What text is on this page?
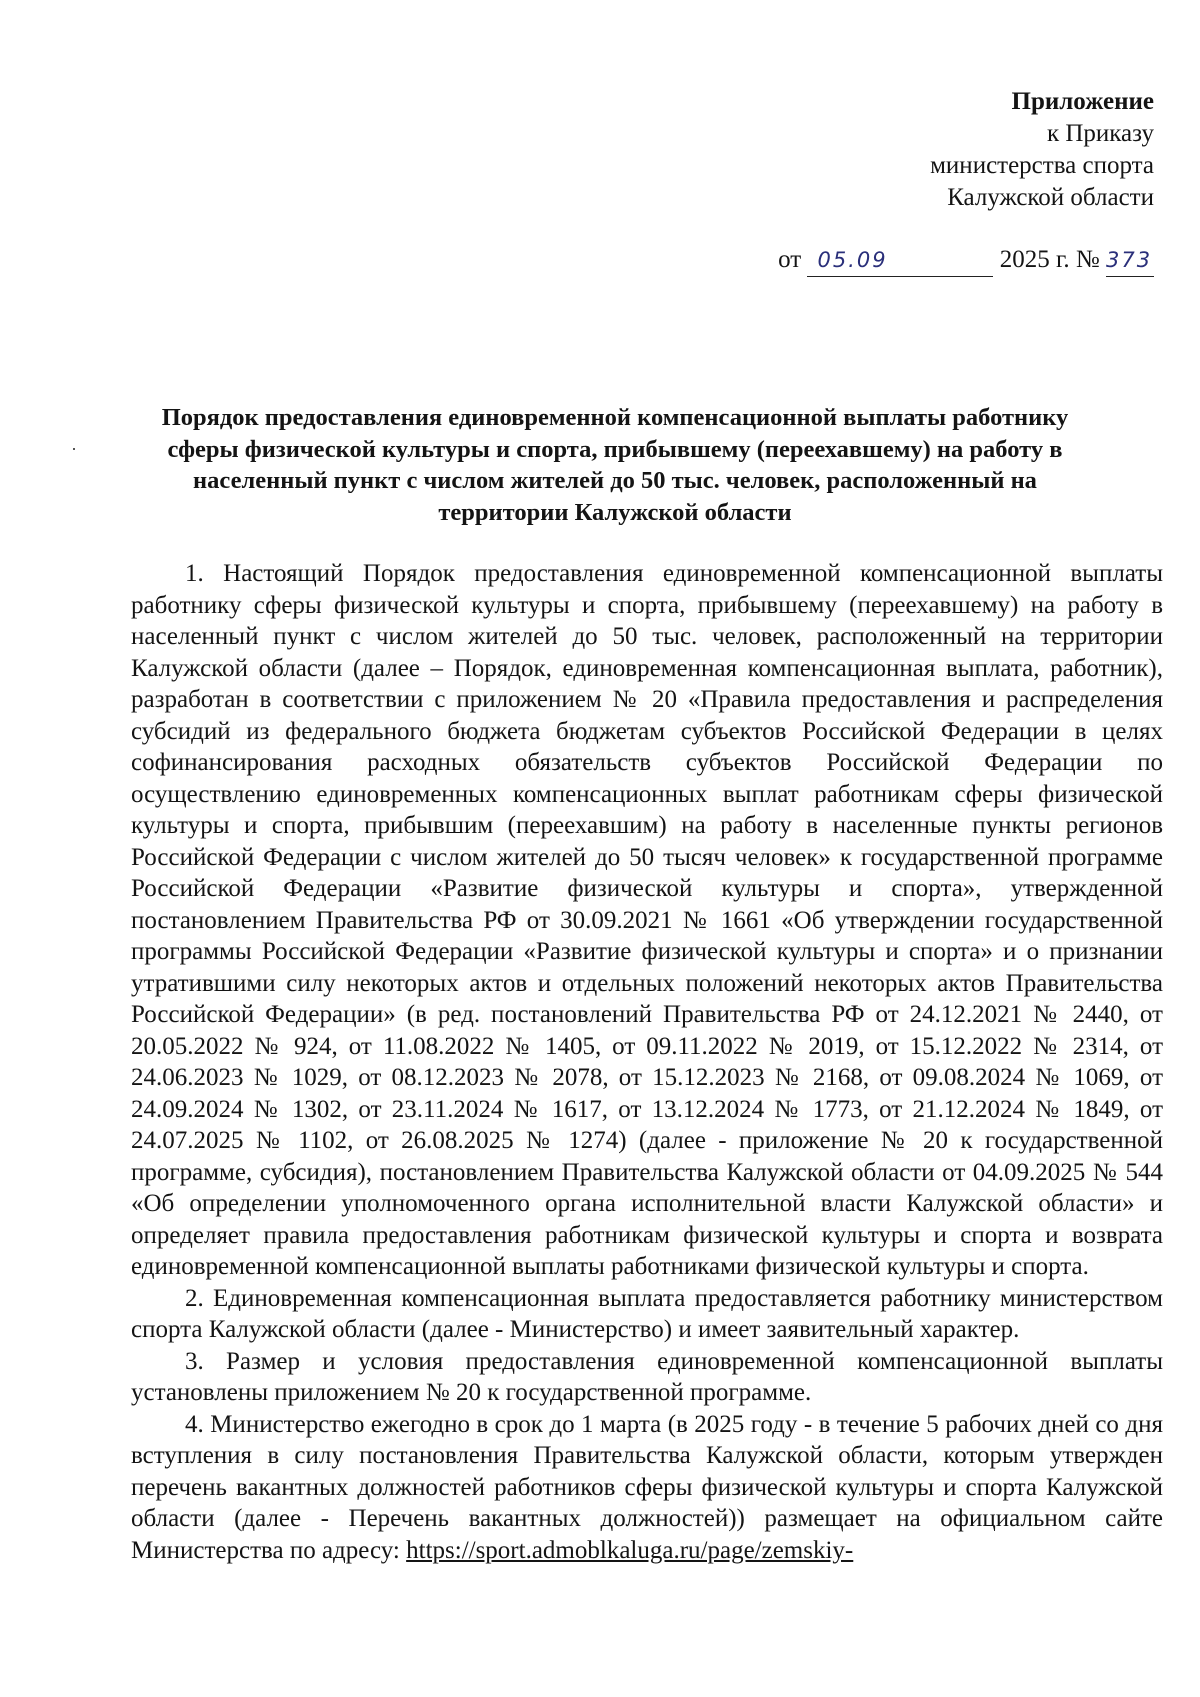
Приложение
к Приказу
министерства спорта
Калужской области
от 05.09	2025 г. № 373
Порядок предоставления единовременной компенсационной выплаты работнику сферы физической культуры и спорта, прибывшему (переехавшему) на работу в населенный пункт с числом жителей до 50 тыс. человек, расположенный на территории Калужской области

1. Настоящий Порядок предоставления единовременной компенсационной выплаты работнику сферы физической культуры и спорта, прибывшему (переехавшему) на работу в населенный пункт с числом жителей до 50 тыс. человек, расположенный на территории Калужской области (далее – Порядок, единовременная компенсационная выплата, работник), разработан в соответствии с приложением № 20 «Правила предоставления и распределения субсидий из федерального бюджета бюджетам субъектов Российской Федерации в целях софинансирования расходных обязательств субъектов Российской Федерации по осуществлению единовременных компенсационных выплат работникам сферы физической культуры и спорта, прибывшим (переехавшим) на работу в населенные пункты регионов Российской Федерации с числом жителей до 50 тысяч человек» к государственной программе Российской Федерации «Развитие физической культуры и спорта», утвержденной постановлением Правительства РФ от 30.09.2021 № 1661 «Об утверждении государственной программы Российской Федерации «Развитие физической культуры и спорта» и о признании утратившими силу некоторых актов и отдельных положений некоторых актов Правительства Российской Федерации» (в ред. постановлений Правительства РФ от 24.12.2021 № 2440, от 20.05.2022 № 924, от 11.08.2022 № 1405, от 09.11.2022 № 2019, от 15.12.2022 № 2314, от 24.06.2023 № 1029, от 08.12.2023 № 2078, от 15.12.2023 № 2168, от 09.08.2024 № 1069, от 24.09.2024 № 1302, от 23.11.2024 № 1617, от 13.12.2024 № 1773, от 21.12.2024 № 1849, от 24.07.2025 № 1102, от 26.08.2025 № 1274) (далее - приложение № 20 к государственной программе, субсидия), постановлением Правительства Калужской области от 04.09.2025 № 544 «Об определении уполномоченного органа исполнительной власти Калужской области» и определяет правила предоставления работникам физической культуры и спорта и возврата единовременной компенсационной выплаты работниками физической культуры и спорта.

2. Единовременная компенсационная выплата предоставляется работнику министерством спорта Калужской области (далее - Министерство) и имеет заявительный характер.

3. Размер и условия предоставления единовременной компенсационной выплаты установлены приложением № 20 к государственной программе.

4. Министерство ежегодно в срок до 1 марта (в 2025 году - в течение 5 рабочих дней со дня вступления в силу постановления Правительства Калужской области, которым утвержден перечень вакантных должностей работников сферы физической культуры и спорта Калужской области (далее - Перечень вакантных должностей)) размещает на официальном сайте Министерства по адресу: https://sport.admoblkaluga.ru/page/zemskiy-
